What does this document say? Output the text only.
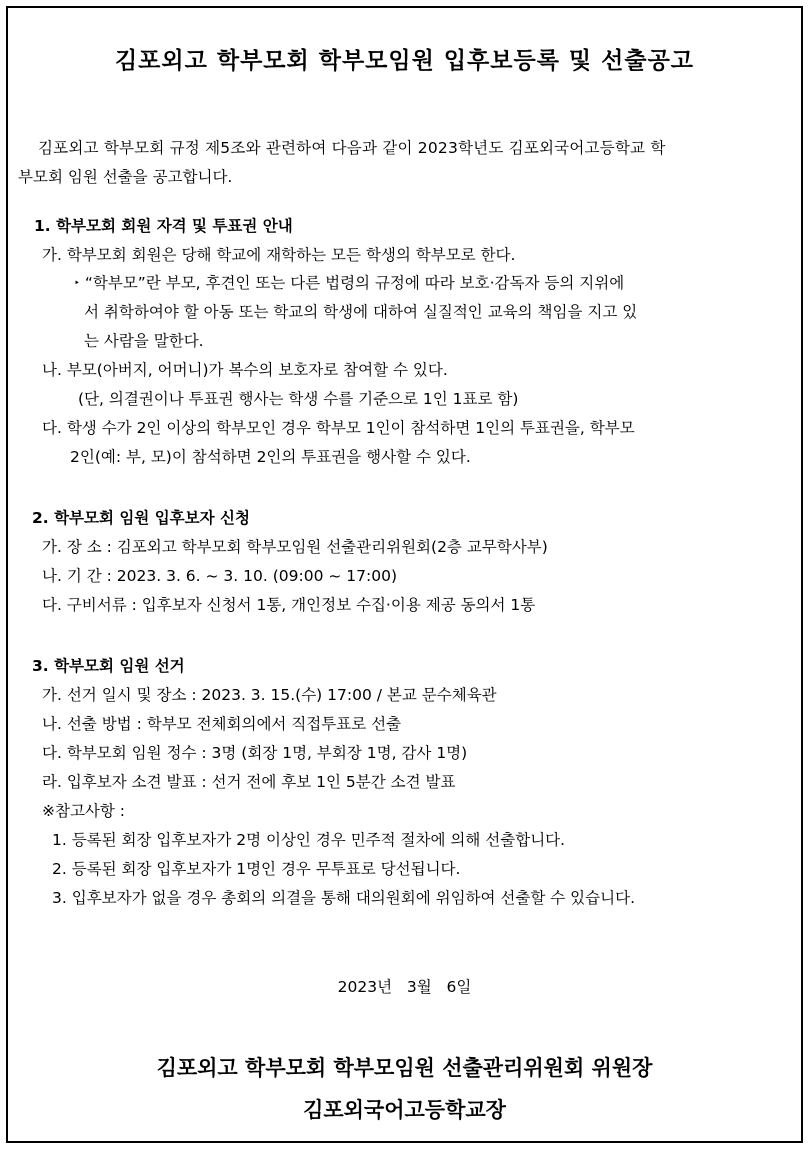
김포외고 학부모회 학부모임원 입후보등록 및 선출공고
김포외고 학부모회 규정 제5조와 관련하여 다음과 같이 2023학년도 김포외국어고등학교 학
부모회 임원 선출을 공고합니다.
1. 학부모회 회원 자격 및 투표권 안내
가. 학부모회 회원은 당해 학교에 재학하는 모든 학생의 학부모로 한다.
‣ “학부모”란 부모, 후견인 또는 다른 법령의 규정에 따라 보호·감독자 등의 지위에
서 취학하여야 할 아동 또는 학교의 학생에 대하여 실질적인 교육의 책임을 지고 있
는 사람을 말한다.
나. 부모(아버지, 어머니)가 복수의 보호자로 참여할 수 있다.
(단, 의결권이나 투표권 행사는 학생 수를 기준으로 1인 1표로 함)
다. 학생 수가 2인 이상의 학부모인 경우 학부모 1인이 참석하면 1인의 투표권을, 학부모
2인(예: 부, 모)이 참석하면 2인의 투표권을 행사할 수 있다.
2. 학부모회 임원 입후보자 신청
가. 장 소 : 김포외고 학부모회 학부모임원 선출관리위원회(2층 교무학사부)
나. 기 간 : 2023. 3. 6. ~ 3. 10. (09:00 ~ 17:00)
다. 구비서류 : 입후보자 신청서 1통, 개인정보 수집·이용 제공 동의서 1통
3. 학부모회 임원 선거
가. 선거 일시 및 장소 : 2023. 3. 15.(수) 17:00 / 본교 문수체육관
나. 선출 방법 : 학부모 전체회의에서 직접투표로 선출
다. 학부모회 임원 정수 : 3명 (회장 1명, 부회장 1명, 감사 1명)
라. 입후보자 소견 발표 : 선거 전에 후보 1인 5분간 소견 발표
※참고사항 :
1. 등록된 회장 입후보자가 2명 이상인 경우 민주적 절차에 의해 선출합니다.
2. 등록된 회장 입후보자가 1명인 경우 무투표로 당선됩니다.
3. 입후보자가 없을 경우 총회의 의결을 통해 대의원회에 위임하여 선출할 수 있습니다.
2023년   3월   6일
김포외고 학부모회 학부모임원 선출관리위원회 위원장
김포외국어고등학교장
